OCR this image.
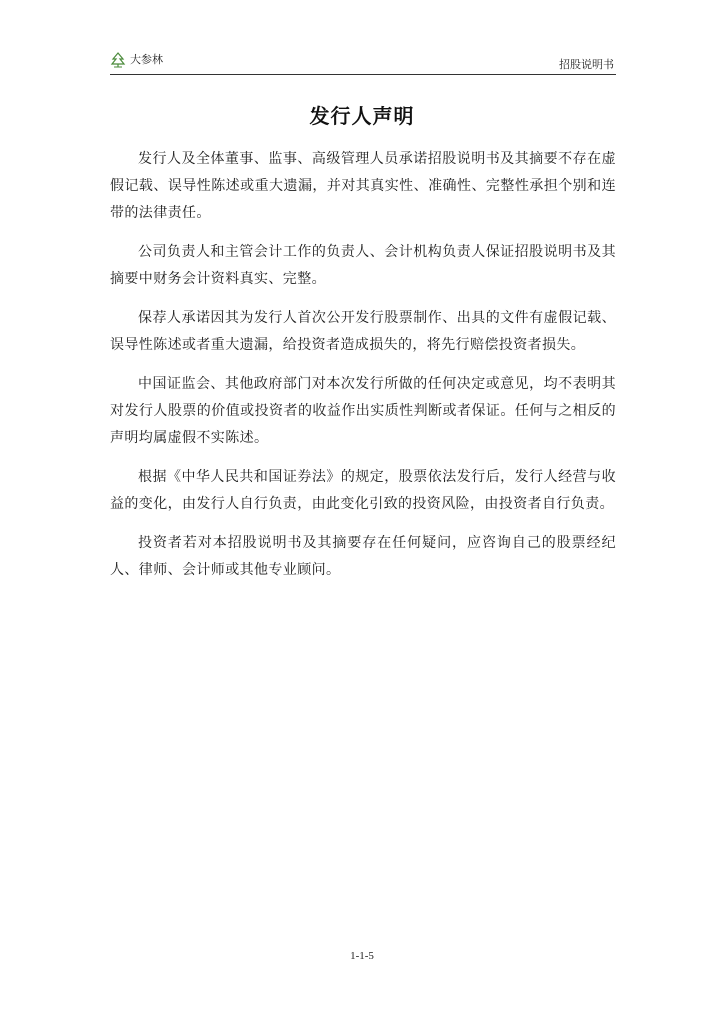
大参林	招股说明书
发行人声明

发行人及全体董事、监事、高级管理人员承诺招股说明书及其摘要不存在虚假记载、误导性陈述或重大遗漏，并对其真实性、准确性、完整性承担个别和连带的法律责任。

公司负责人和主管会计工作的负责人、会计机构负责人保证招股说明书及其摘要中财务会计资料真实、完整。

保荐人承诺因其为发行人首次公开发行股票制作、出具的文件有虚假记载、误导性陈述或者重大遗漏，给投资者造成损失的，将先行赔偿投资者损失。

中国证监会、其他政府部门对本次发行所做的任何决定或意见，均不表明其对发行人股票的价值或投资者的收益作出实质性判断或者保证。任何与之相反的声明均属虚假不实陈述。

根据《中华人民共和国证券法》的规定，股票依法发行后，发行人经营与收益的变化，由发行人自行负责，由此变化引致的投资风险，由投资者自行负责。

投资者若对本招股说明书及其摘要存在任何疑问，应咨询自己的股票经纪人、律师、会计师或其他专业顾问。

1-1-5
